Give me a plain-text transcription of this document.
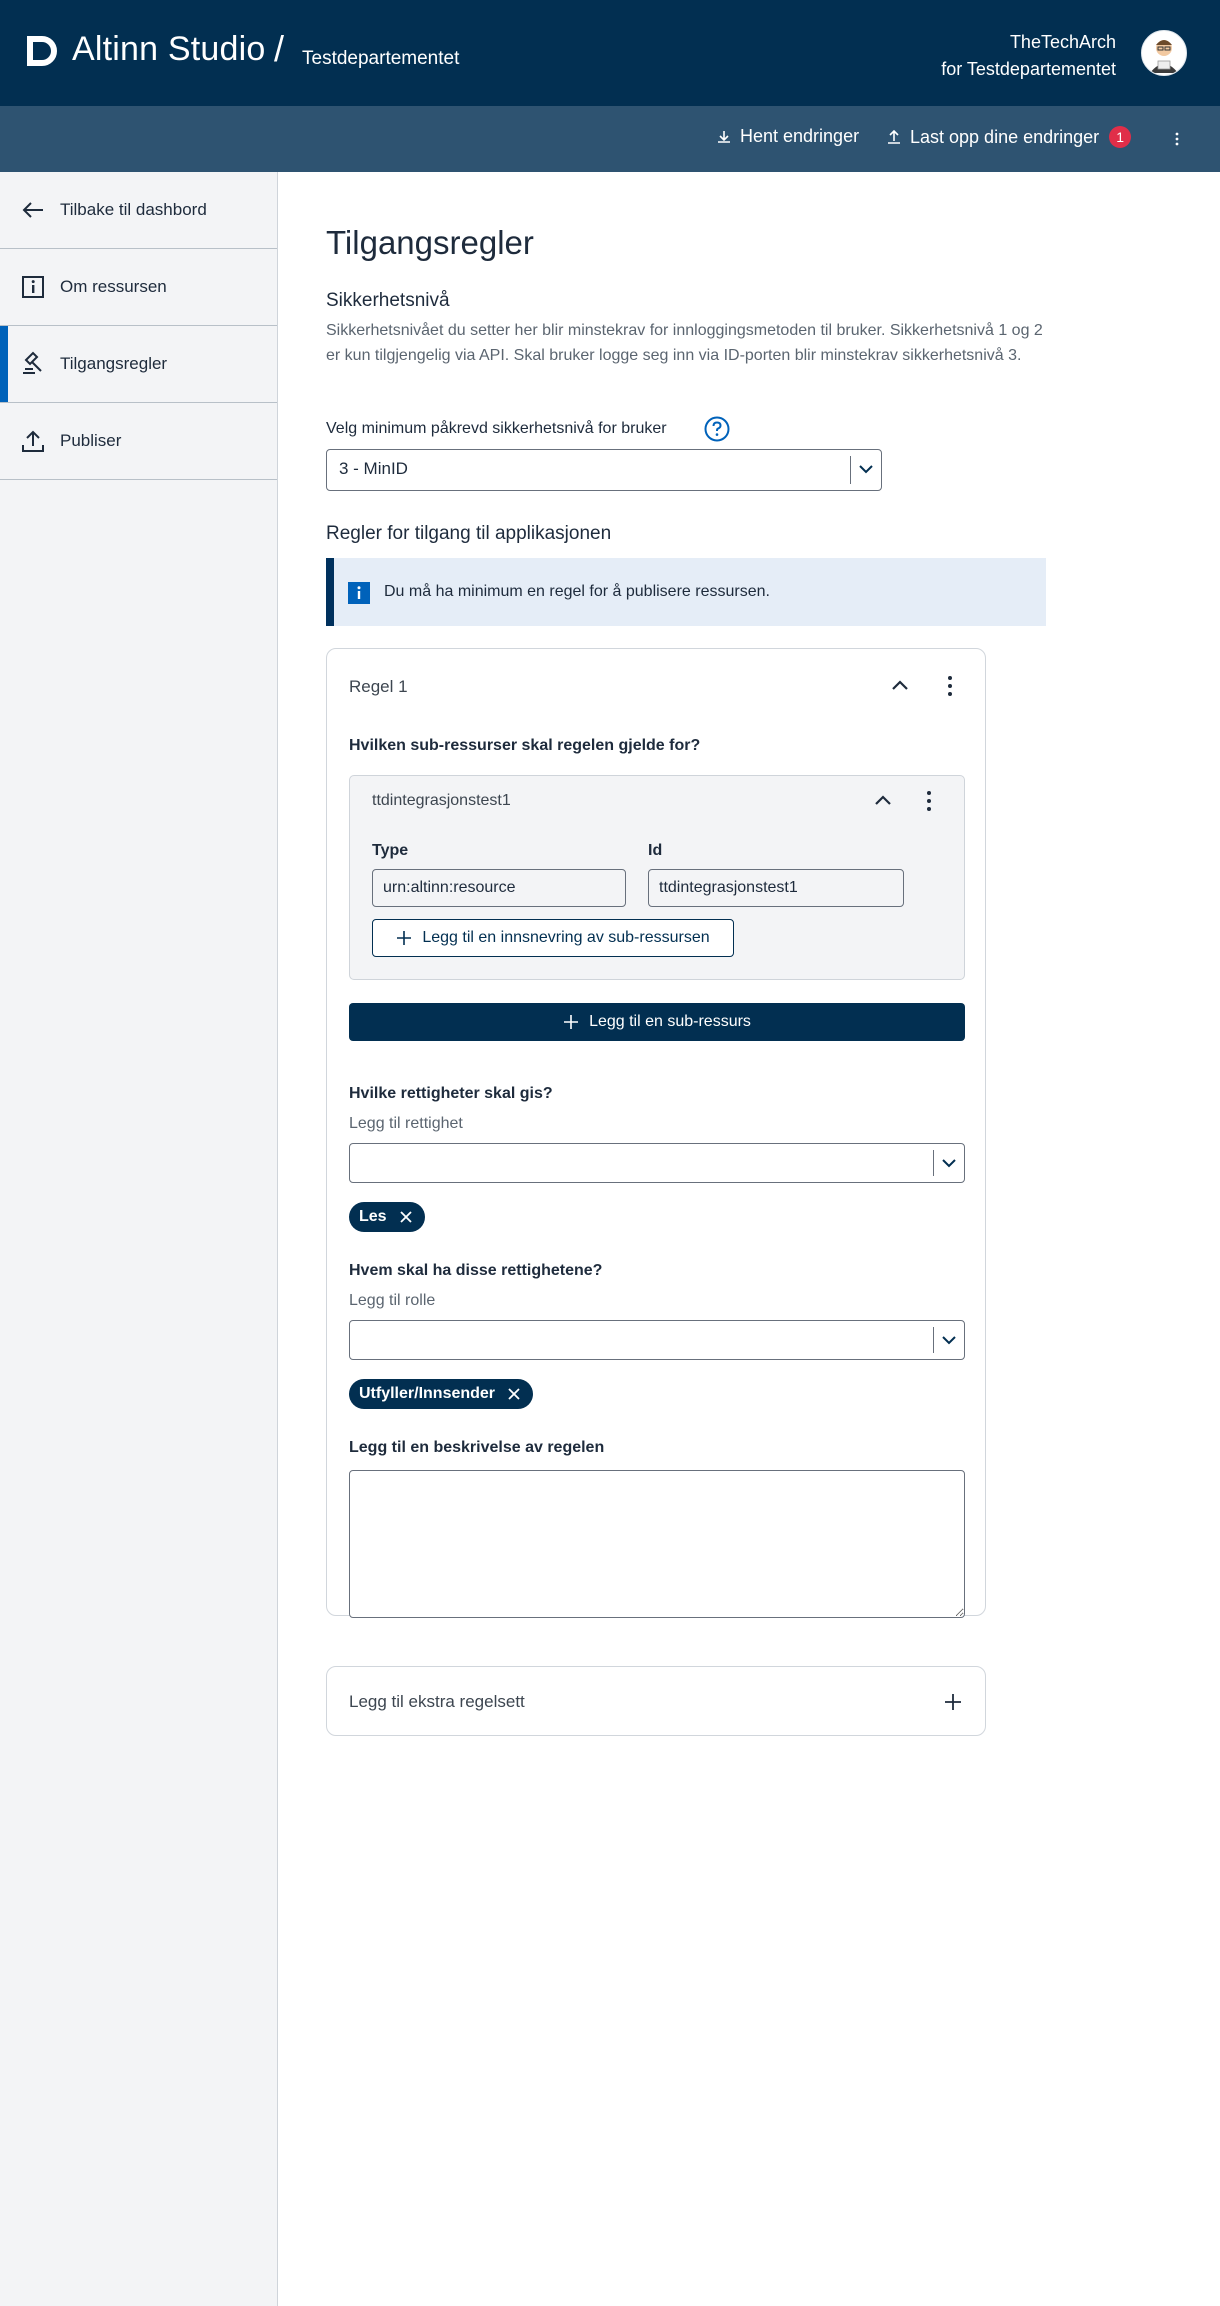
Altinn Studio / Testdepartementet
TheTechArch
for Testdepartementet
Hent endringer	Last opp dine endringer	1
Tilbake til dashbord
Om ressursen
Tilgangsregler
Publiser
Tilgangsregler
Sikkerhetsnivå
Sikkerhetsnivået du setter her blir minstekrav for innloggingsmetoden til bruker. Sikkerhetsnivå 1 og 2 er kun tilgjengelig via API. Skal bruker logge seg inn via ID-porten blir minstekrav sikkerhetsnivå 3.
Velg minimum påkrevd sikkerhetsnivå for bruker
3 - MinID
Regler for tilgang til applikasjonen
Du må ha minimum en regel for å publisere ressursen.
Regel 1
Hvilken sub-ressurser skal regelen gjelde for?
ttdintegrasjonstest1
Type
urn:altinn:resource
Id
ttdintegrasjonstest1
Legg til en innsnevring av sub-ressursen
Legg til en sub-ressurs
Hvilke rettigheter skal gis?
Legg til rettighet
Les
Hvem skal ha disse rettighetene?
Legg til rolle
Utfyller/Innsender
Legg til en beskrivelse av regelen
Legg til ekstra regelsett
